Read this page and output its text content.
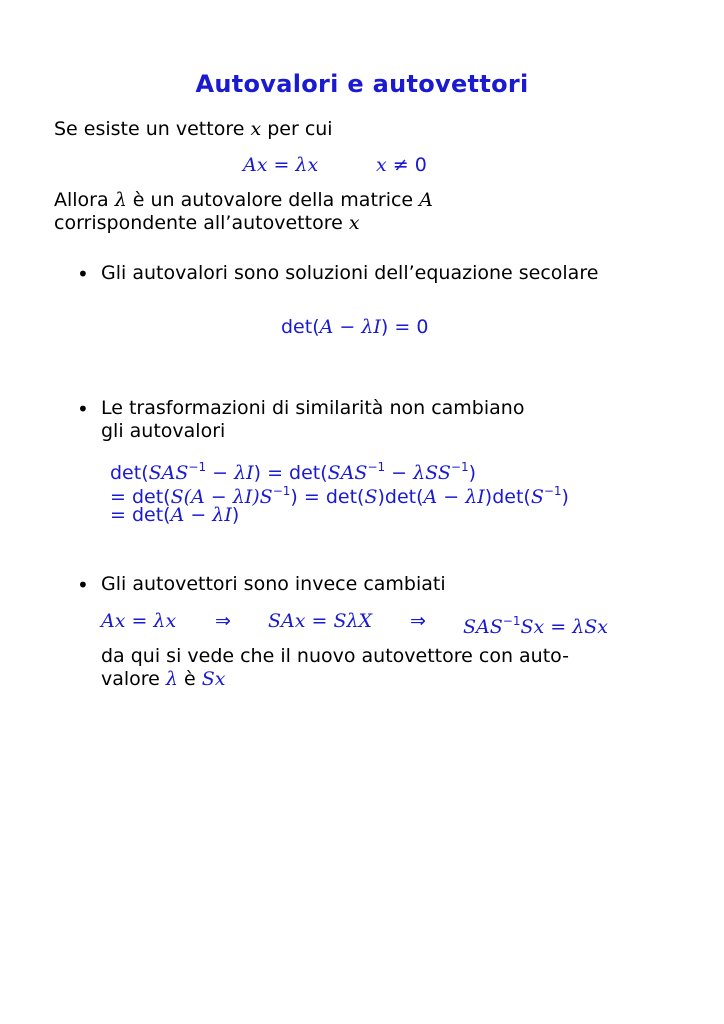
Autovalori e autovettori
Se esiste un vettore x per cui
Ax = λx	x ≠ 0
Allora λ è un autovalore della matrice A
corrispondente all’autovettore x
• Gli autovalori sono soluzioni dell’equazione secolare
det(A − λI) = 0
• Le trasformazioni di similarità non cambiano
gli autovalori
$\det(SAS^{-1} - \lambda I) = \det(SAS^{-1} - \lambda SS^{-1})$
= $\det(S(A - \lambda I)S^{-1}) = \det(S)\det(A - \lambda I)\det(S^{-1})$
= det(A − λI)
• Gli autovettori sono invece cambiati
Ax = λx ⇒ SAx = SλX ⇒ $SAS^{-1}Sx = \lambda Sx$
da qui si vede che il nuovo autovettore con auto-
valore λ è Sx
